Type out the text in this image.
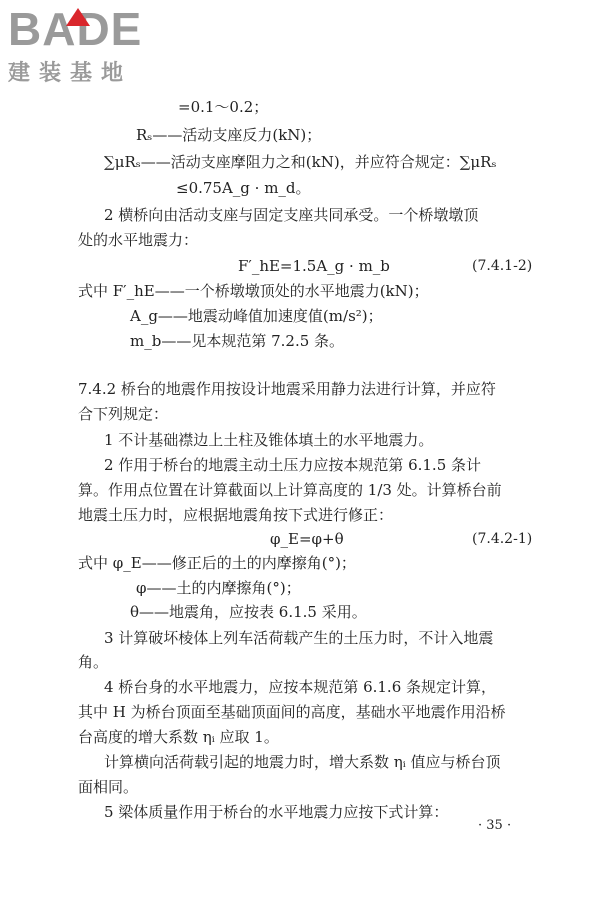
BADE
建装基地
=0.1～0.2；
Rₛ——活动支座反力(kN)；
∑μRₛ——活动支座摩阻力之和(kN)，并应符合规定：∑μRₛ
≤0.75A_g · m_d。
2 横桥向由活动支座与固定支座共同承受。一个桥墩墩顶
处的水平地震力：
F′_hE=1.5A_g · m_b	(7.4.1-2)
式中 F′_hE——一个桥墩墩顶处的水平地震力(kN)；
A_g——地震动峰值加速度值(m/s²)；
m_b——见本规范第 7.2.5 条。
7.4.2 桥台的地震作用按设计地震采用静力法进行计算，并应符
合下列规定：
1 不计基础襟边上土柱及锥体填土的水平地震力。
2 作用于桥台的地震主动土压力应按本规范第 6.1.5 条计
算。作用点位置在计算截面以上计算高度的 1/3 处。计算桥台前
地震土压力时，应根据地震角按下式进行修正：
φ_E=φ+θ	(7.4.2-1)
式中 φ_E——修正后的土的内摩擦角(°)；
φ——土的内摩擦角(°)；
θ——地震角，应按表 6.1.5 采用。
3 计算破坏棱体上列车活荷载产生的土压力时，不计入地震
角。
4 桥台身的水平地震力，应按本规范第 6.1.6 条规定计算，
其中 H 为桥台顶面至基础顶面间的高度，基础水平地震作用沿桥
台高度的增大系数 ηᵢ 应取 1。
计算横向活荷载引起的地震力时，增大系数 ηᵢ 值应与桥台顶
面相同。
5 梁体质量作用于桥台的水平地震力应按下式计算：
· 35 ·
